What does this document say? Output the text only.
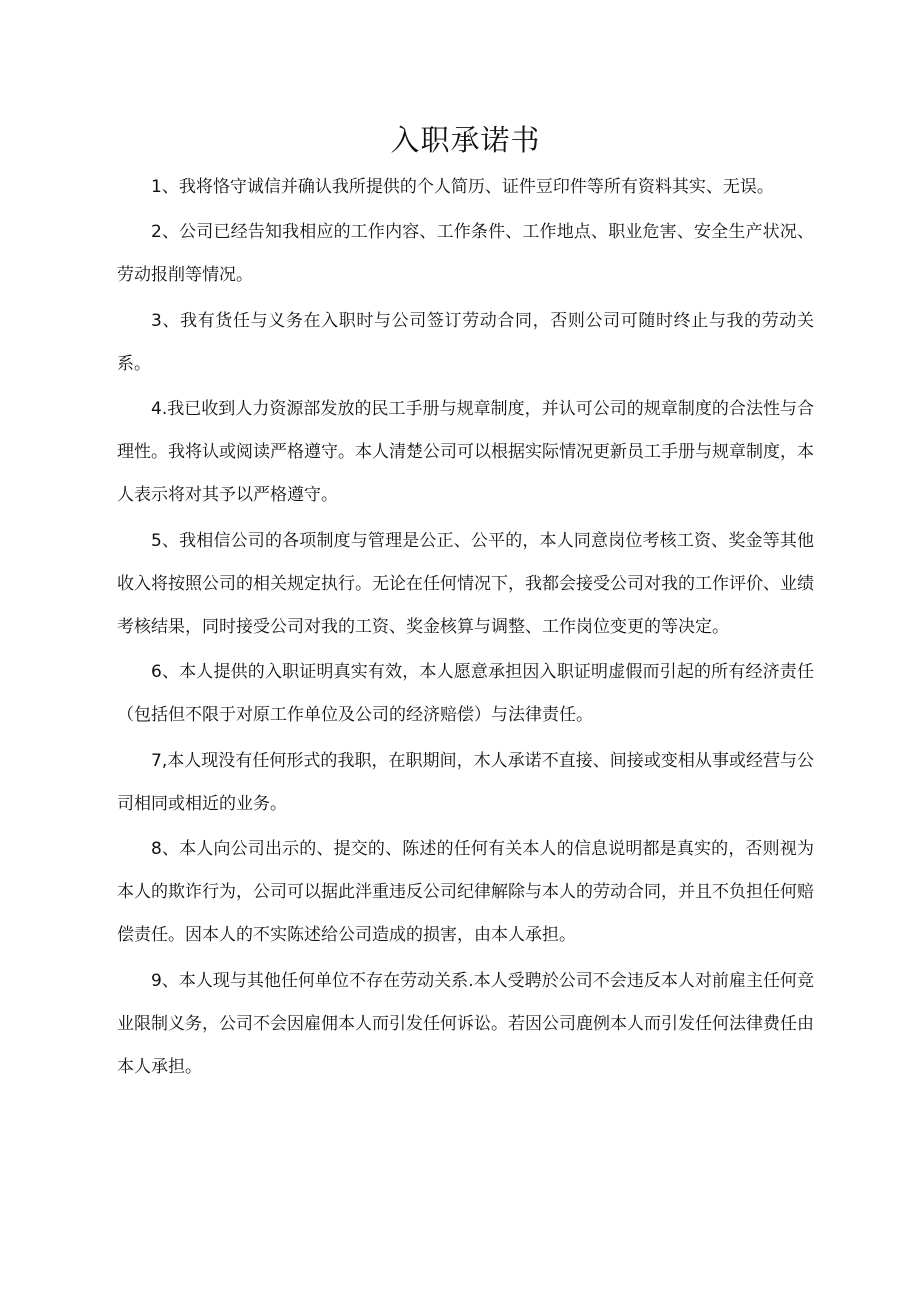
入职承诺书

1、我将恪守诚信并确认我所提供的个人简历、证件豆印件等所有资料其实、无误。

2、公司已经告知我相应的工作内容、工作条件、工作地点、职业危害、安全生产状况、劳动报削等情况。

3、我有货任与义务在入职时与公司签订劳动合同，否则公司可随时终止与我的劳动关系。

4.我已收到人力资源部发放的民工手册与规章制度，并认可公司的规章制度的合法性与合理性。我将认或阅读严格遵守。本人清楚公司可以根据实际情况更新员工手册与规章制度，本人表示将对其予以严格遵守。

5、我相信公司的各项制度与管理是公正、公平的，本人同意岗位考核工资、奖金等其他收入将按照公司的相关规定执行。无论在任何情况下，我都会接受公司对我的工作评价、业绩考核结果，同时接受公司对我的工资、奖金核算与调整、工作岗位变更的等决定。

6、本人提供的入职证明真实有效，本人愿意承担因入职证明虚假而引起的所有经济责任（包括但不限于对原工作单位及公司的经济赔偿）与法律责任。

7,本人现没有任何形式的我职，在职期间，木人承诺不直接、间接或变相从事或经营与公司相同或相近的业务。

8、本人向公司出示的、提交的、陈述的任何有关本人的信息说明都是真实的，否则视为本人的欺诈行为，公司可以据此泮重违反公司纪律解除与本人的劳动合同，并且不负担任何赔偿责任。因本人的不实陈述给公司造成的损害，由本人承担。

9、本人现与其他任何单位不存在劳动关系.本人受聘於公司不会违反本人对前雇主任何竞业限制义务，公司不会因雇佣本人而引发任何诉讼。若因公司鹿例本人而引发任何法律费任由本人承担。
